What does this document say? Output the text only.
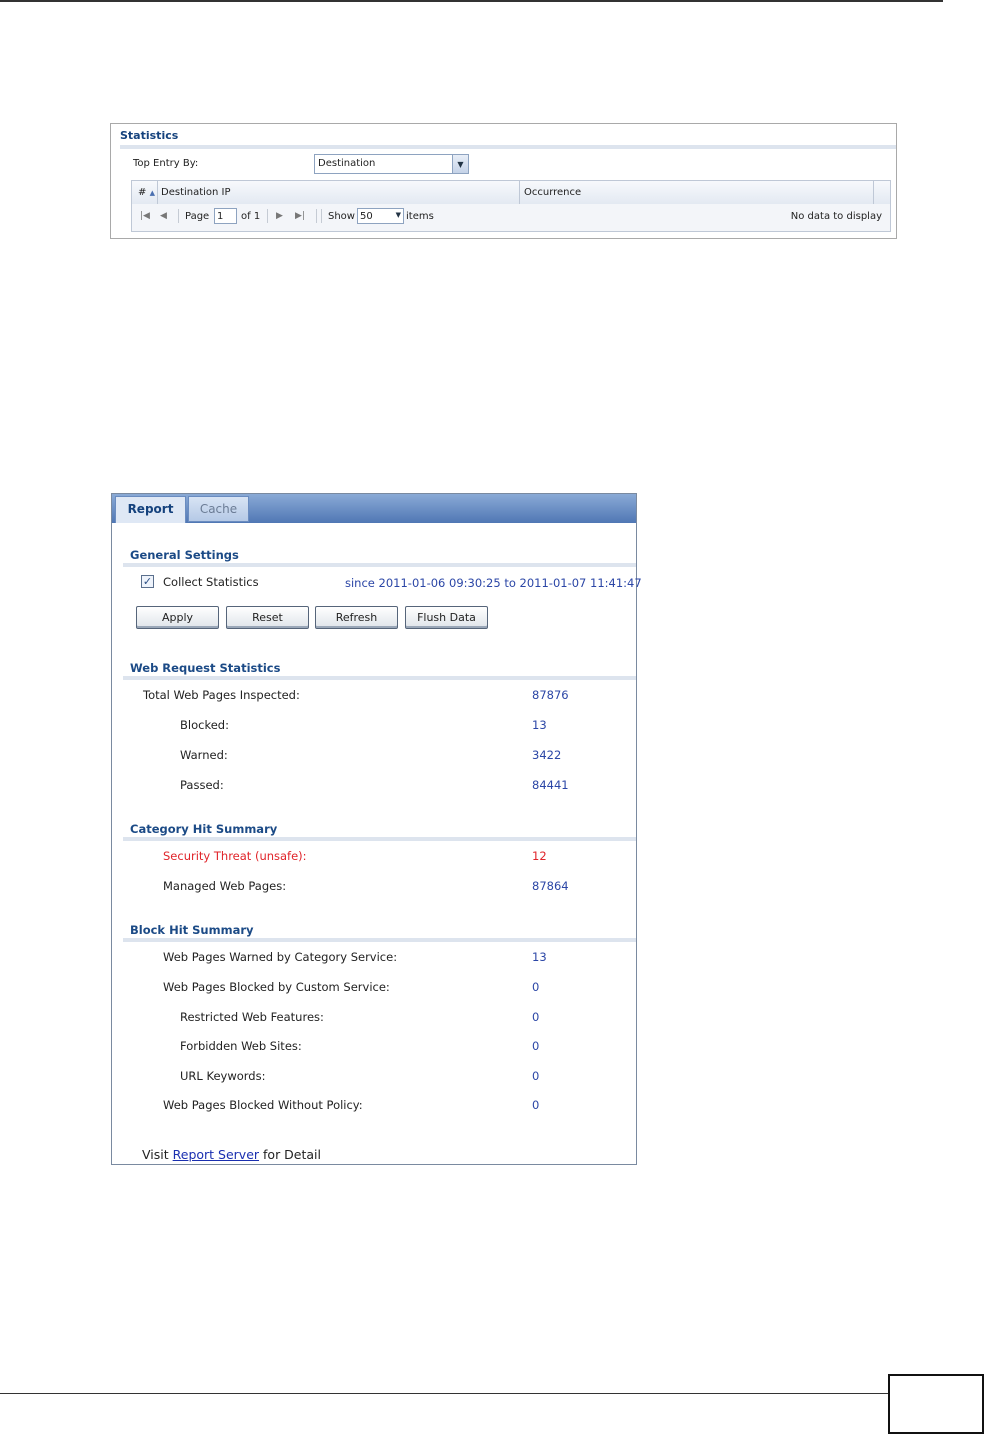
Statistics
Top Entry By:	Destination	▼
# ▲ Destination IP	Occurrence
|◀ ◀ Page 1	of 1 ▶ ▶| Show 50	▼ items	No data to display
Report	Cache
General Settings
✓ Collect Statistics	since 2011-01-06 09:30:25 to 2011-01-07 11:41:47
Apply	Reset	Refresh	Flush Data
Web Request Statistics
Total Web Pages Inspected:	87876
Blocked:	13
Warned:	3422
Passed:	84441
Category Hit Summary
Security Threat (unsafe):	12
Managed Web Pages:	87864
Block Hit Summary
Web Pages Warned by Category Service:	13
Web Pages Blocked by Custom Service:	0
Restricted Web Features:	0
Forbidden Web Sites:	0
URL Keywords:	0
Web Pages Blocked Without Policy:	0
Visit Report Server for Detail
